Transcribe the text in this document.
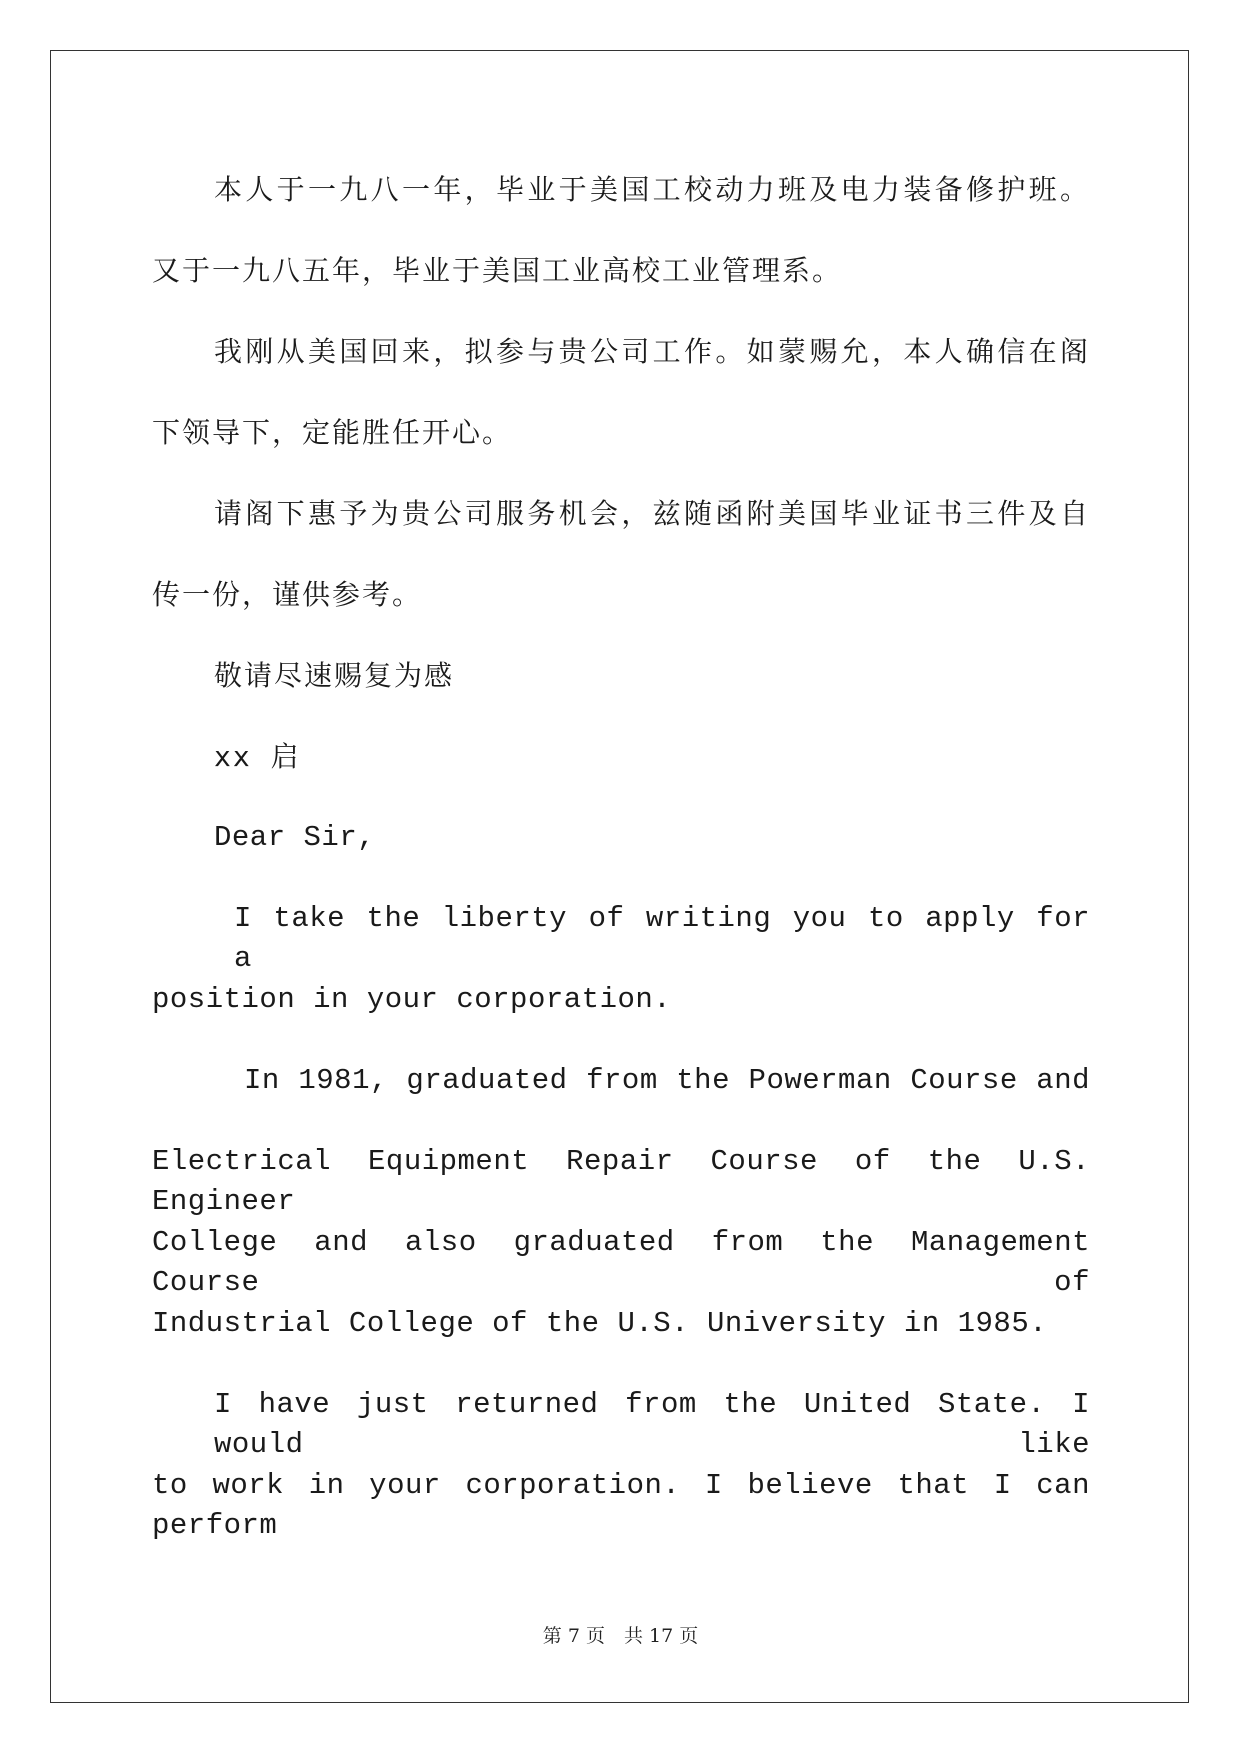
本人于一九八一年，毕业于美国工校动力班及电力装备修护班。
又于一九八五年，毕业于美国工业高校工业管理系。
我刚从美国回来，拟参与贵公司工作。如蒙赐允，本人确信在阁
下领导下，定能胜任开心。
请阁下惠予为贵公司服务机会，兹随函附美国毕业证书三件及自
传一份，谨供参考。
敬请尽速赐复为感
xx 启
Dear Sir,
I take the liberty of writing you to apply for a
position in your corporation.
In 1981, graduated from the Powerman Course and
Electrical Equipment Repair Course of the U.S. Engineer
College and also graduated from the Management Course of
Industrial College of the U.S. University in 1985.
I have just returned from the United State. I would like
to work in your corporation. I believe that I can perform
第 7 页　共 17 页
